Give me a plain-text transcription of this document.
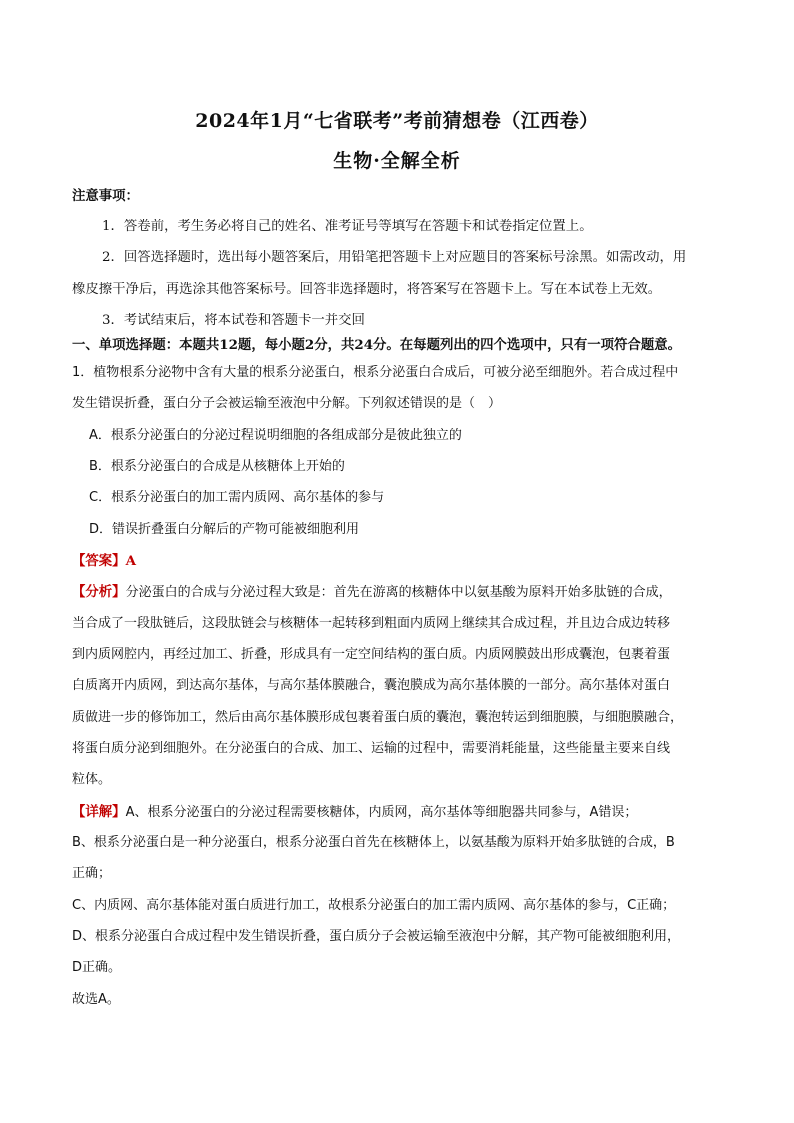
2024年1月“七省联考”考前猜想卷（江西卷）
生物·全解全析
注意事项：
1．答卷前，考生务必将自己的姓名、准考证号等填写在答题卡和试卷指定位置上。
2．回答选择题时，选出每小题答案后，用铅笔把答题卡上对应题目的答案标号涂黑。如需改动，用
橡皮擦干净后，再选涂其他答案标号。回答非选择题时，将答案写在答题卡上。写在本试卷上无效。
3．考试结束后，将本试卷和答题卡一并交回
一、单项选择题：本题共12题，每小题2分，共24分。在每题列出的四个选项中，只有一项符合题意。
1．植物根系分泌物中含有大量的根系分泌蛋白，根系分泌蛋白合成后，可被分泌至细胞外。若合成过程中
发生错误折叠，蛋白分子会被运输至液泡中分解。下列叙述错误的是（　）
A．根系分泌蛋白的分泌过程说明细胞的各组成部分是彼此独立的
B．根系分泌蛋白的合成是从核糖体上开始的
C．根系分泌蛋白的加工需内质网、高尔基体的参与
D．错误折叠蛋白分解后的产物可能被细胞利用
【答案】A
【分析】分泌蛋白的合成与分泌过程大致是：首先在游离的核糖体中以氨基酸为原料开始多肽链的合成，
当合成了一段肽链后，这段肽链会与核糖体一起转移到粗面内质网上继续其合成过程，并且边合成边转移
到内质网腔内，再经过加工、折叠，形成具有一定空间结构的蛋白质。内质网膜鼓出形成囊泡，包裹着蛋
白质离开内质网，到达高尔基体，与高尔基体膜融合，囊泡膜成为高尔基体膜的一部分。高尔基体对蛋白
质做进一步的修饰加工，然后由高尔基体膜形成包裹着蛋白质的囊泡，囊泡转运到细胞膜，与细胞膜融合，
将蛋白质分泌到细胞外。在分泌蛋白的合成、加工、运输的过程中，需要消耗能量，这些能量主要来自线
粒体。
【详解】A、根系分泌蛋白的分泌过程需要核糖体，内质网，高尔基体等细胞器共同参与，A错误；
B、根系分泌蛋白是一种分泌蛋白，根系分泌蛋白首先在核糖体上，以氨基酸为原料开始多肽链的合成，B
正确；
C、内质网、高尔基体能对蛋白质进行加工，故根系分泌蛋白的加工需内质网、高尔基体的参与，C正确；
D、根系分泌蛋白合成过程中发生错误折叠，蛋白质分子会被运输至液泡中分解，其产物可能被细胞利用，
D正确。
故选A。
